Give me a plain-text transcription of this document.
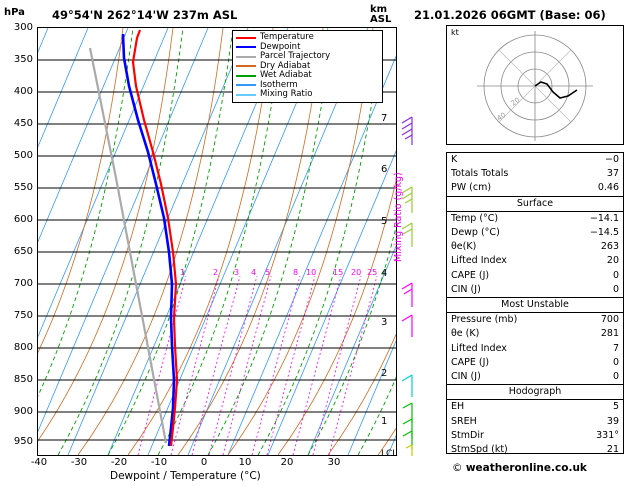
hPa	km
ASL
49°54'N 262°14'W 237m ASL
1	2 3 4 5	8 10 15 20 25
300
350
400
450
500
550
600
650
700
750
800
850
900
950
7
6
5
4
3
2
1
-40	-30	-20	-10	0	10	20	30
Dewpoint / Temperature (°C)
Mixing Ratio (g/kg)
LCL
Temperature
Dewpoint
Parcel Trajectory
Dry Adiabat
Wet Adiabat
Isotherm
Mixing Ratio
21.01.2026 06GMT (Base: 06)
kt
20
40
K	−0
Totals Totals	37
PW (cm)	0.46
Surface	
Temp (°C)	−14.1
Dewp (°C)	−14.5
θe(K)	263
Lifted Index	20
CAPE (J)	0
CIN (J)	0
Most Unstable	
Pressure (mb)	700
θe (K)	281
Lifted Index	7
CAPE (J)	0
CIN (J)	0
Hodograph	
EH	5
SREH	39
StmDir	331°
StmSpd (kt)	21
© weatheronline.co.uk
